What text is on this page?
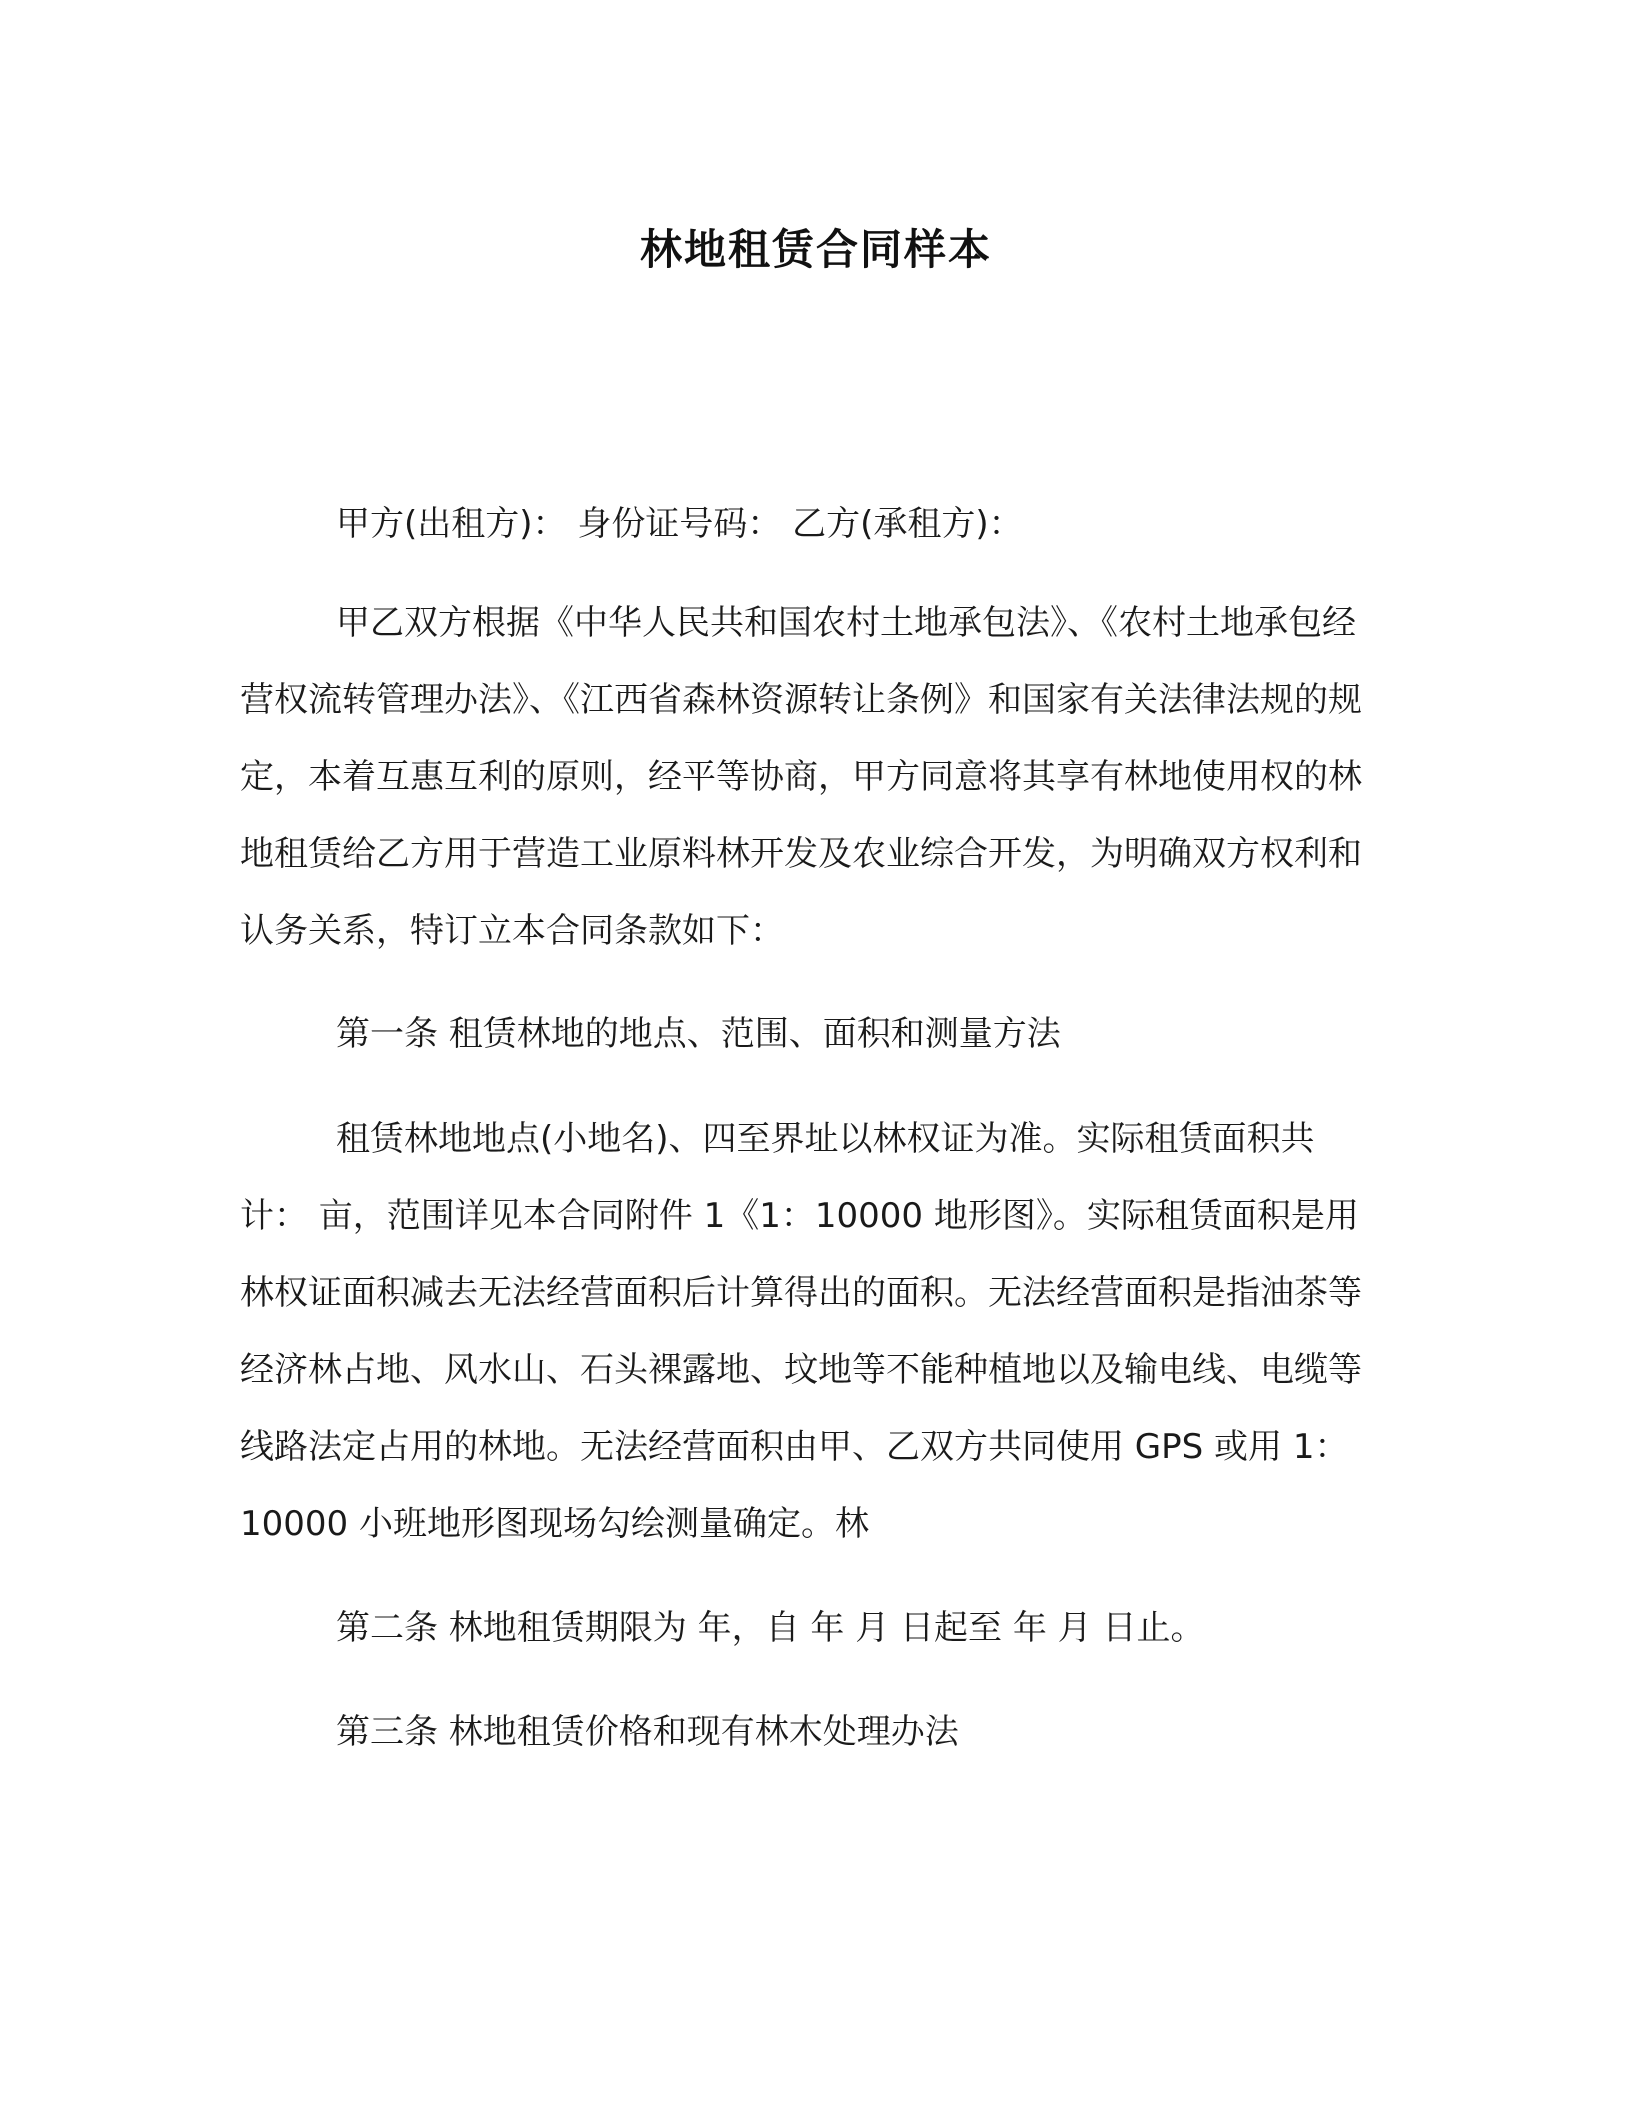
林地租赁合同样本

甲方(出租方)： 身份证号码： 乙方(承租方)：

甲乙双方根据《中华人民共和国农村土地承包法》、《农村土地承包经营权流转管理办法》、《江西省森林资源转让条例》和国家有关法律法规的规定，本着互惠互利的原则，经平等协商，甲方同意将其享有林地使用权的林地租赁给乙方用于营造工业原料林开发及农业综合开发，为明确双方权利和认务关系，特订立本合同条款如下：

第一条 租赁林地的地点、范围、面积和测量方法

租赁林地地点(小地名)、四至界址以林权证为准。实际租赁面积共计： 亩，范围详见本合同附件 1《1：10000 地形图》。实际租赁面积是用林权证面积减去无法经营面积后计算得出的面积。无法经营面积是指油茶等经济林占地、风水山、石头裸露地、坟地等不能种植地以及输电线、电缆等线路法定占用的林地。无法经营面积由甲、乙双方共同使用 GPS 或用 1：10000 小班地形图现场勾绘测量确定。林

第二条 林地租赁期限为 年，自 年 月 日起至 年 月 日止。

第三条 林地租赁价格和现有林木处理办法
